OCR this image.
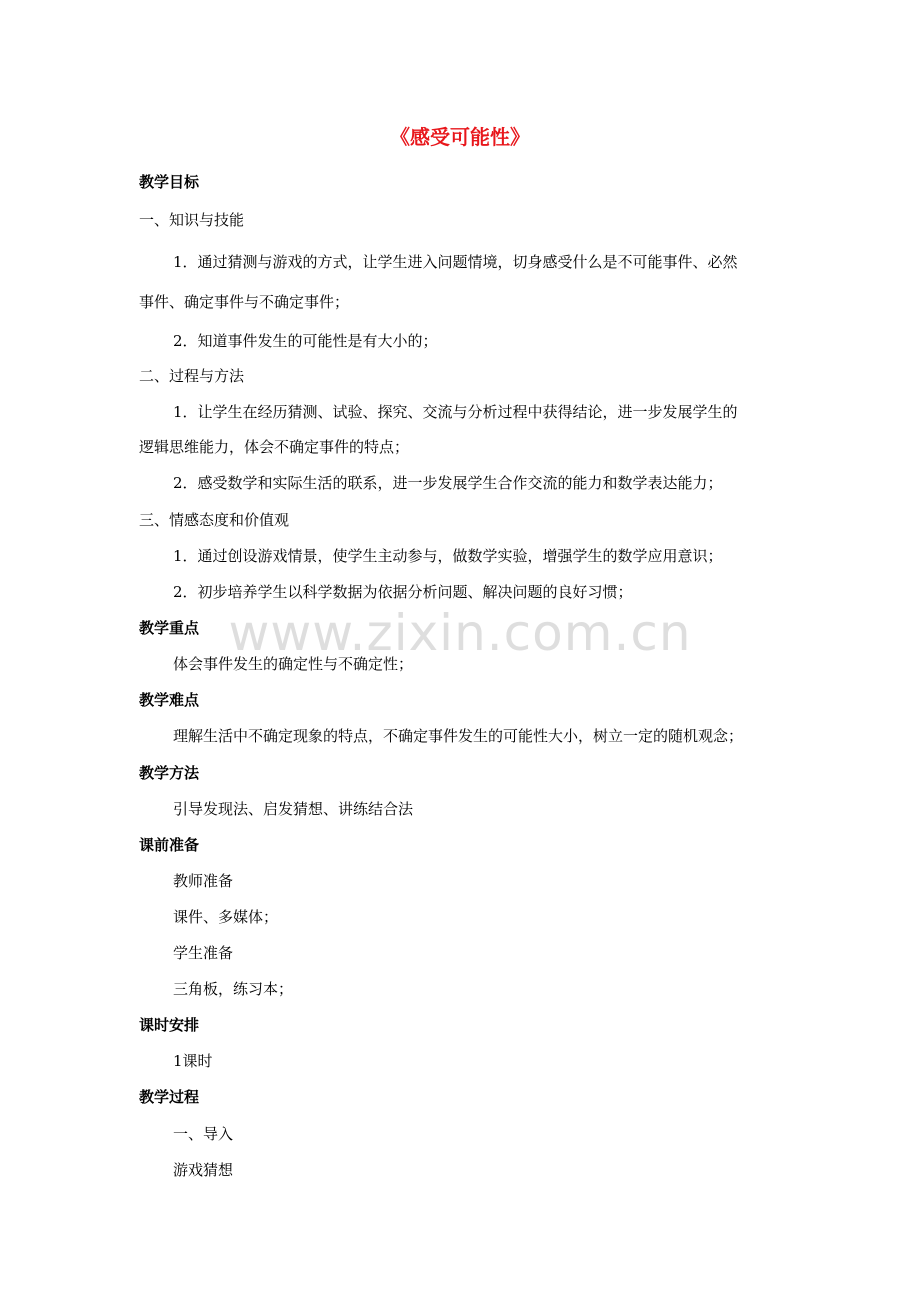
www.zixin.com.cn
《感受可能性》
教学目标
一、知识与技能
1．通过猜测与游戏的方式，让学生进入问题情境，切身感受什么是不可能事件、必然
事件、确定事件与不确定事件；
2．知道事件发生的可能性是有大小的；
二、过程与方法
1．让学生在经历猜测、试验、探究、交流与分析过程中获得结论，进一步发展学生的
逻辑思维能力，体会不确定事件的特点；
2．感受数学和实际生活的联系，进一步发展学生合作交流的能力和数学表达能力；
三、情感态度和价值观
1．通过创设游戏情景，使学生主动参与，做数学实验，增强学生的数学应用意识；
2．初步培养学生以科学数据为依据分析问题、解决问题的良好习惯；
教学重点
体会事件发生的确定性与不确定性；
教学难点
理解生活中不确定现象的特点，不确定事件发生的可能性大小，树立一定的随机观念；
教学方法
引导发现法、启发猜想、讲练结合法
课前准备
教师准备
课件、多媒体；
学生准备
三角板，练习本；
课时安排
1课时
教学过程
一、导入
游戏猜想
